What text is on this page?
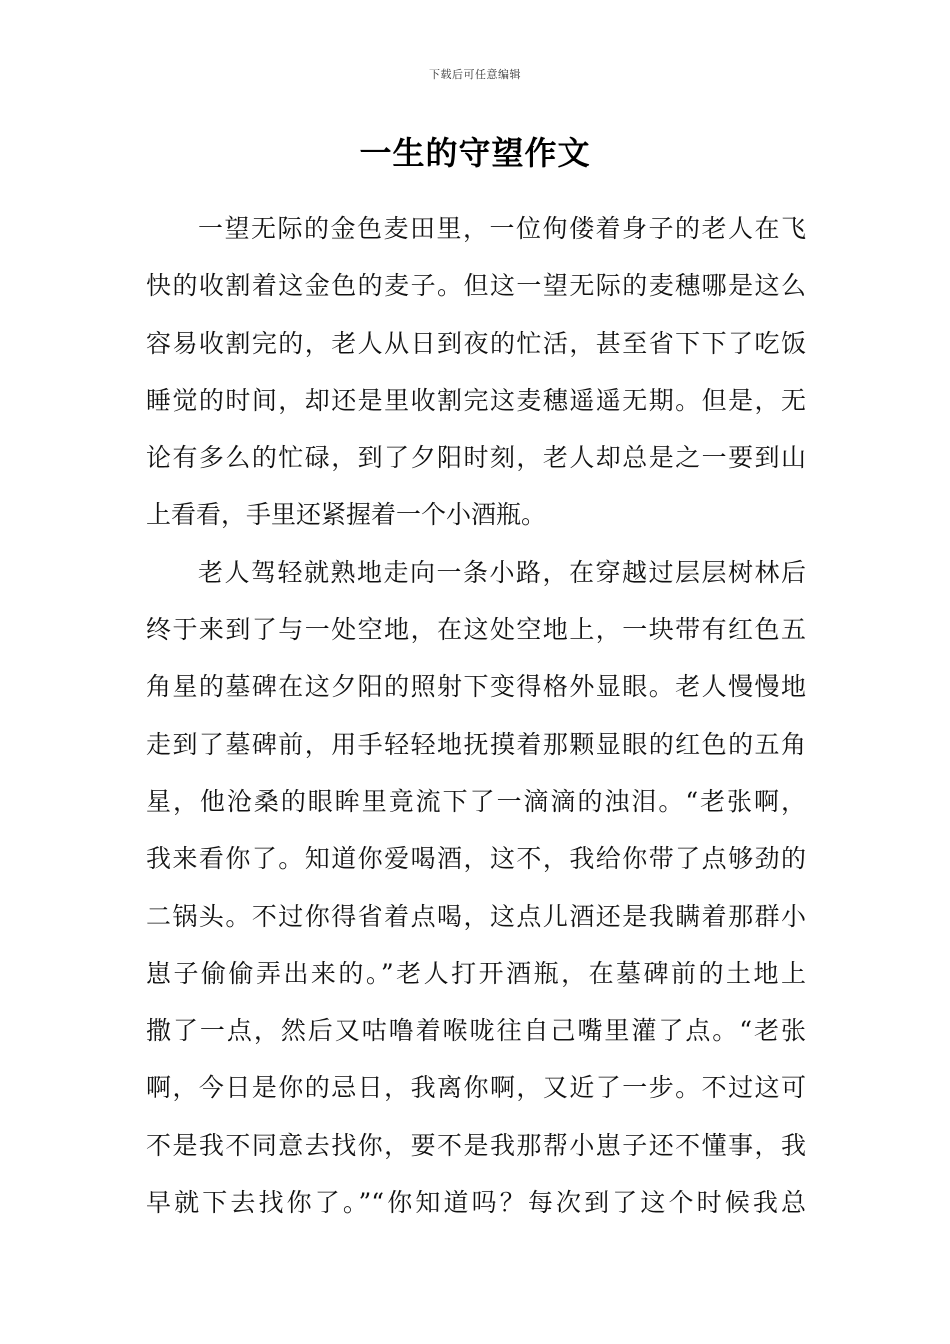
下载后可任意编辑
一生的守望作文
一望无际的金色麦田里，一位佝偻着身子的老人在飞
快的收割着这金色的麦子。但这一望无际的麦穗哪是这么
容易收割完的，老人从日到夜的忙活，甚至省下下了吃饭
睡觉的时间，却还是里收割完这麦穗遥遥无期。但是，无
论有多么的忙碌，到了夕阳时刻，老人却总是之一要到山
上看看，手里还紧握着一个小酒瓶。
老人驾轻就熟地走向一条小路，在穿越过层层树林后
终于来到了与一处空地，在这处空地上，一块带有红色五
角星的墓碑在这夕阳的照射下变得格外显眼。老人慢慢地
走到了墓碑前，用手轻轻地抚摸着那颗显眼的红色的五角
星，他沧桑的眼眸里竟流下了一滴滴的浊泪。“老张啊，
我来看你了。知道你爱喝酒，这不，我给你带了点够劲的
二锅头。不过你得省着点喝，这点儿酒还是我瞒着那群小
崽子偷偷弄出来的。”老人打开酒瓶，在墓碑前的土地上
撒了一点，然后又咕噜着喉咙往自己嘴里灌了点。“老张
啊，今日是你的忌日，我离你啊，又近了一步。不过这可
不是我不同意去找你，要不是我那帮小崽子还不懂事，我
早就下去找你了。”“你知道吗？每次到了这个时候我总
